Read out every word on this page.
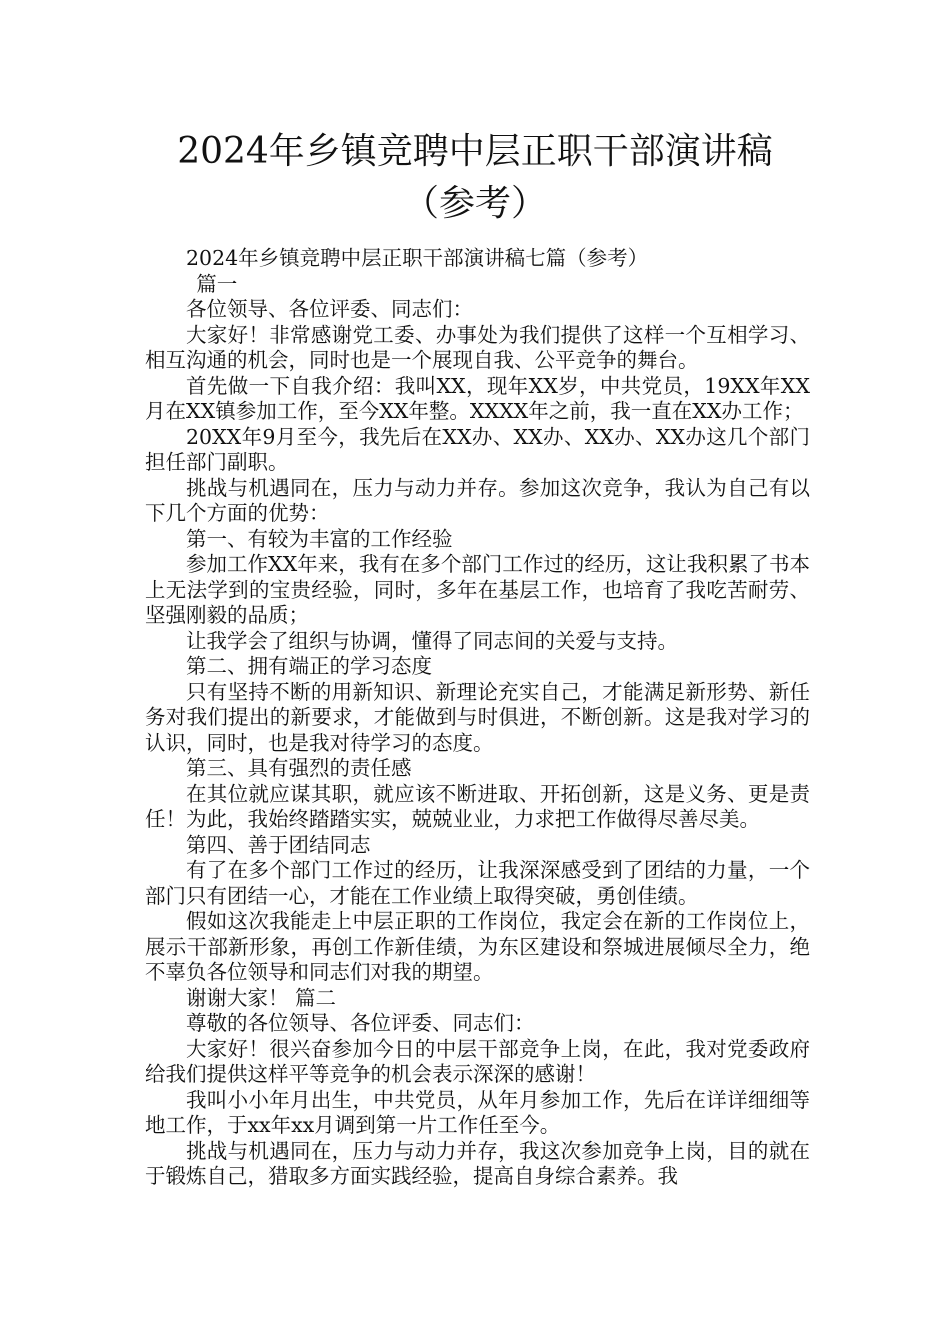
2024年乡镇竞聘中层正职干部演讲稿（参考）

2024年乡镇竞聘中层正职干部演讲稿七篇（参考）

篇一

各位领导、各位评委、同志们：

大家好！非常感谢党工委、办事处为我们提供了这样一个互相学习、相互沟通的机会，同时也是一个展现自我、公平竞争的舞台。

首先做一下自我介绍：我叫XX，现年XX岁，中共党员，19XX年XX月在XX镇参加工作，至今XX年整。XXXX年之前，我一直在XX办工作；

20XX年9月至今，我先后在XX办、XX办、XX办、XX办这几个部门担任部门副职。

挑战与机遇同在，压力与动力并存。参加这次竞争，我认为自己有以下几个方面的优势：

第一、有较为丰富的工作经验

参加工作XX年来，我有在多个部门工作过的经历，这让我积累了书本上无法学到的宝贵经验，同时，多年在基层工作，也培育了我吃苦耐劳、坚强刚毅的品质；

让我学会了组织与协调，懂得了同志间的关爱与支持。

第二、拥有端正的学习态度

只有坚持不断的用新知识、新理论充实自己，才能满足新形势、新任务对我们提出的新要求，才能做到与时俱进，不断创新。这是我对学习的认识，同时，也是我对待学习的态度。

第三、具有强烈的责任感

在其位就应谋其职，就应该不断进取、开拓创新，这是义务、更是责任！为此，我始终踏踏实实，兢兢业业，力求把工作做得尽善尽美。

第四、善于团结同志

有了在多个部门工作过的经历，让我深深感受到了团结的力量，一个部门只有团结一心，才能在工作业绩上取得突破，勇创佳绩。

假如这次我能走上中层正职的工作岗位，我定会在新的工作岗位上，展示干部新形象，再创工作新佳绩，为东区建设和祭城进展倾尽全力，绝不辜负各位领导和同志们对我的期望。

谢谢大家！ 篇二

尊敬的各位领导、各位评委、同志们：

大家好！很兴奋参加今日的中层干部竞争上岗，在此，我对党委政府给我们提供这样平等竞争的机会表示深深的感谢！

我叫小小年月出生，中共党员，从年月参加工作，先后在详详细细等地工作，于xx年xx月调到第一片工作任至今。

挑战与机遇同在，压力与动力并存，我这次参加竞争上岗，目的就在于锻炼自己，猎取多方面实践经验，提高自身综合素养。我
